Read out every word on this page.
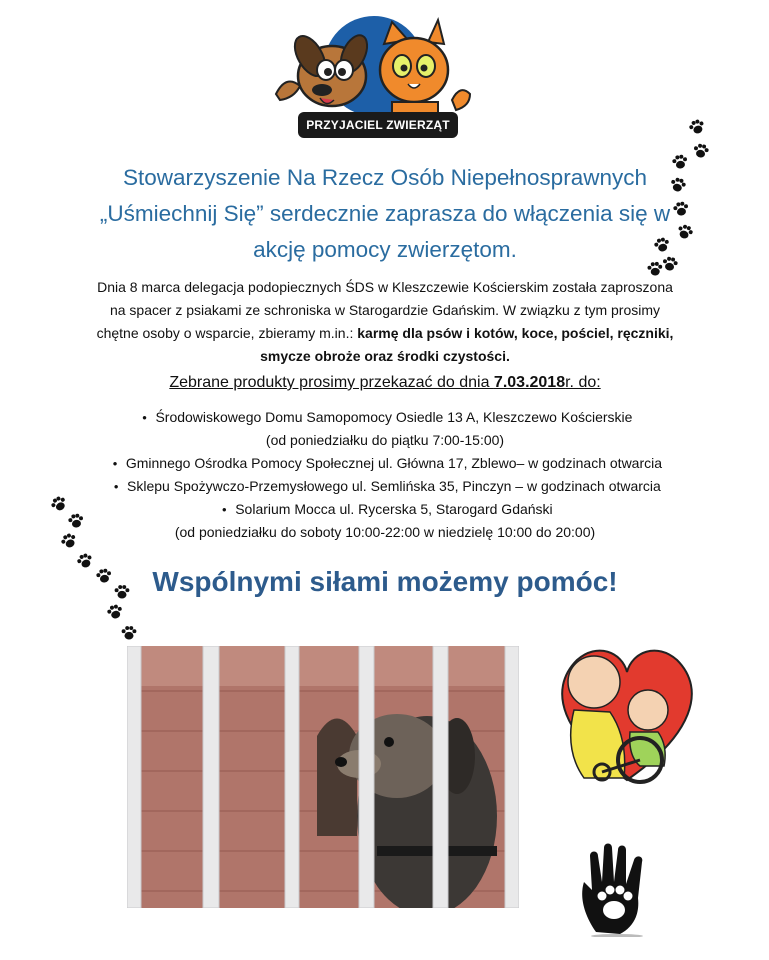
PRZYJACIEL ZWIERZĄT
Stowarzyszenie Na Rzecz Osób Niepełnosprawnych
„Uśmiechnij Się” serdecznie zaprasza do włączenia się w
akcję pomocy zwierzętom.
Dnia 8 marca delegacja podopiecznych ŚDS w Kleszczewie Kościerskim została zaproszona
na spacer z psiakami ze schroniska w Starogardzie Gdańskim. W związku z tym prosimy
chętne osoby o wsparcie, zbieramy m.in.: karmę dla psów i kotów, koce, pościel, ręczniki,
smycze obroże oraz środki czystości.
Zebrane produkty prosimy przekazać do dnia 7.03.2018r. do:
• Środowiskowego Domu Samopomocy Osiedle 13 A, Kleszczewo Kościerskie
(od poniedziałku do piątku 7:00-15:00)
• Gminnego Ośrodka Pomocy Społecznej ul. Główna 17, Zblewo– w godzinach otwarcia
• Sklepu Spożywczo-Przemysłowego ul. Semlińska 35, Pinczyn – w godzinach otwarcia
• Solarium Mocca ul. Rycerska 5, Starogard Gdański
(od poniedziałku do soboty 10:00-22:00 w niedzielę 10:00 do 20:00)
Wspólnymi siłami możemy pomóc!
